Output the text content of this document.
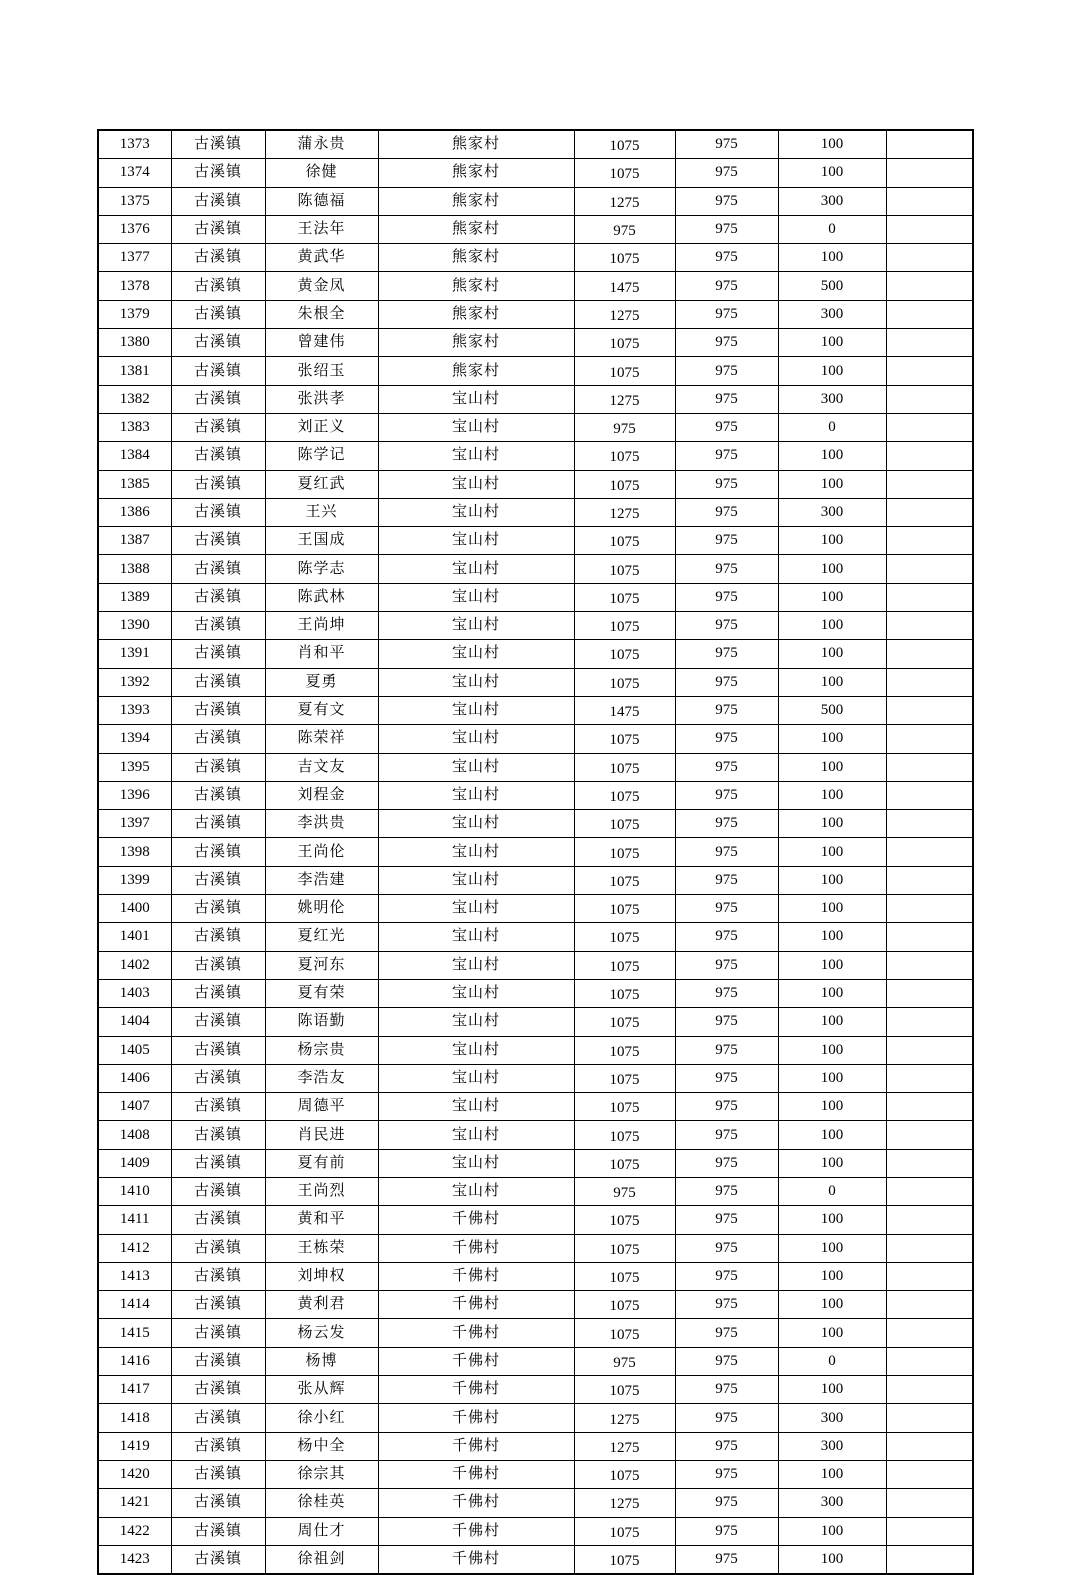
1373	古溪镇	蒲永贵	熊家村	1075	975	100	
1374	古溪镇	徐健	熊家村	1075	975	100	
1375	古溪镇	陈德福	熊家村	1275	975	300	
1376	古溪镇	王法年	熊家村	975	975	0	
1377	古溪镇	黄武华	熊家村	1075	975	100	
1378	古溪镇	黄金凤	熊家村	1475	975	500	
1379	古溪镇	朱根全	熊家村	1275	975	300	
1380	古溪镇	曾建伟	熊家村	1075	975	100	
1381	古溪镇	张绍玉	熊家村	1075	975	100	
1382	古溪镇	张洪孝	宝山村	1275	975	300	
1383	古溪镇	刘正义	宝山村	975	975	0	
1384	古溪镇	陈学记	宝山村	1075	975	100	
1385	古溪镇	夏红武	宝山村	1075	975	100	
1386	古溪镇	王兴	宝山村	1275	975	300	
1387	古溪镇	王国成	宝山村	1075	975	100	
1388	古溪镇	陈学志	宝山村	1075	975	100	
1389	古溪镇	陈武林	宝山村	1075	975	100	
1390	古溪镇	王尚坤	宝山村	1075	975	100	
1391	古溪镇	肖和平	宝山村	1075	975	100	
1392	古溪镇	夏勇	宝山村	1075	975	100	
1393	古溪镇	夏有文	宝山村	1475	975	500	
1394	古溪镇	陈荣祥	宝山村	1075	975	100	
1395	古溪镇	吉文友	宝山村	1075	975	100	
1396	古溪镇	刘程金	宝山村	1075	975	100	
1397	古溪镇	李洪贵	宝山村	1075	975	100	
1398	古溪镇	王尚伦	宝山村	1075	975	100	
1399	古溪镇	李浩建	宝山村	1075	975	100	
1400	古溪镇	姚明伦	宝山村	1075	975	100	
1401	古溪镇	夏红光	宝山村	1075	975	100	
1402	古溪镇	夏河东	宝山村	1075	975	100	
1403	古溪镇	夏有荣	宝山村	1075	975	100	
1404	古溪镇	陈语勤	宝山村	1075	975	100	
1405	古溪镇	杨宗贵	宝山村	1075	975	100	
1406	古溪镇	李浩友	宝山村	1075	975	100	
1407	古溪镇	周德平	宝山村	1075	975	100	
1408	古溪镇	肖民进	宝山村	1075	975	100	
1409	古溪镇	夏有前	宝山村	1075	975	100	
1410	古溪镇	王尚烈	宝山村	975	975	0	
1411	古溪镇	黄和平	千佛村	1075	975	100	
1412	古溪镇	王栋荣	千佛村	1075	975	100	
1413	古溪镇	刘坤权	千佛村	1075	975	100	
1414	古溪镇	黄利君	千佛村	1075	975	100	
1415	古溪镇	杨云发	千佛村	1075	975	100	
1416	古溪镇	杨博	千佛村	975	975	0	
1417	古溪镇	张从辉	千佛村	1075	975	100	
1418	古溪镇	徐小红	千佛村	1275	975	300	
1419	古溪镇	杨中全	千佛村	1275	975	300	
1420	古溪镇	徐宗其	千佛村	1075	975	100	
1421	古溪镇	徐桂英	千佛村	1275	975	300	
1422	古溪镇	周仕才	千佛村	1075	975	100	
1423	古溪镇	徐祖剑	千佛村	1075	975	100	
